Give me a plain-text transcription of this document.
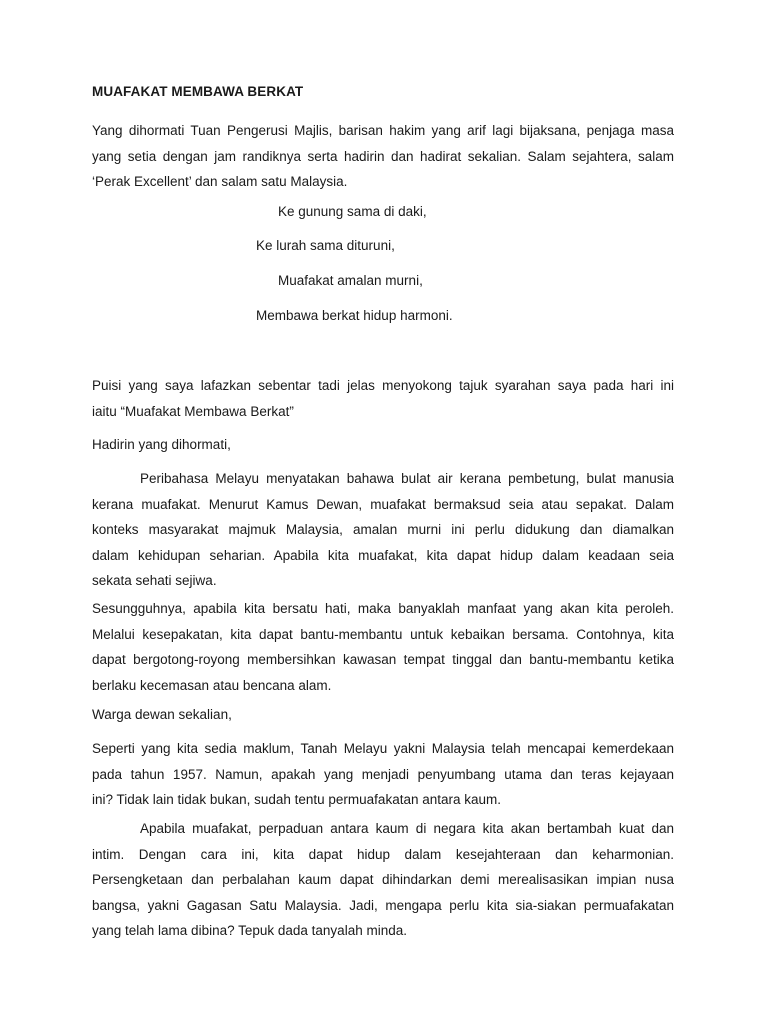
MUAFAKAT MEMBAWA BERKAT

Yang dihormati Tuan Pengerusi Majlis, barisan hakim yang arif lagi bijaksana, penjaga masa
yang setia dengan jam randiknya serta hadirin dan hadirat sekalian. Salam sejahtera, salam
‘Perak Excellent’ dan salam satu Malaysia.

Ke gunung sama di daki,
Ke lurah sama dituruni,
Muafakat amalan murni,
Membawa berkat hidup harmoni.

Puisi yang saya lafazkan sebentar tadi jelas menyokong tajuk syarahan saya pada hari ini
iaitu “Muafakat Membawa Berkat”

Hadirin yang dihormati,

Peribahasa Melayu menyatakan bahawa bulat air kerana pembetung, bulat manusia
kerana muafakat. Menurut Kamus Dewan, muafakat bermaksud seia atau sepakat. Dalam
konteks masyarakat majmuk Malaysia, amalan murni ini perlu didukung dan diamalkan
dalam kehidupan seharian. Apabila kita muafakat, kita dapat hidup dalam keadaan seia
sekata sehati sejiwa.

Sesungguhnya, apabila kita bersatu hati, maka banyaklah manfaat yang akan kita peroleh.
Melalui kesepakatan, kita dapat bantu-membantu untuk kebaikan bersama. Contohnya, kita
dapat bergotong-royong membersihkan kawasan tempat tinggal dan bantu-membantu ketika
berlaku kecemasan atau bencana alam.

Warga dewan sekalian,

Seperti yang kita sedia maklum, Tanah Melayu yakni Malaysia telah mencapai kemerdekaan
pada tahun 1957. Namun, apakah yang menjadi penyumbang utama dan teras kejayaan
ini? Tidak lain tidak bukan, sudah tentu permuafakatan antara kaum.

Apabila muafakat, perpaduan antara kaum di negara kita akan bertambah kuat dan
intim. Dengan cara ini, kita dapat hidup dalam kesejahteraan dan keharmonian.
Persengketaan dan perbalahan kaum dapat dihindarkan demi merealisasikan impian nusa
bangsa, yakni Gagasan Satu Malaysia. Jadi, mengapa perlu kita sia-siakan permuafakatan
yang telah lama dibina? Tepuk dada tanyalah minda.
